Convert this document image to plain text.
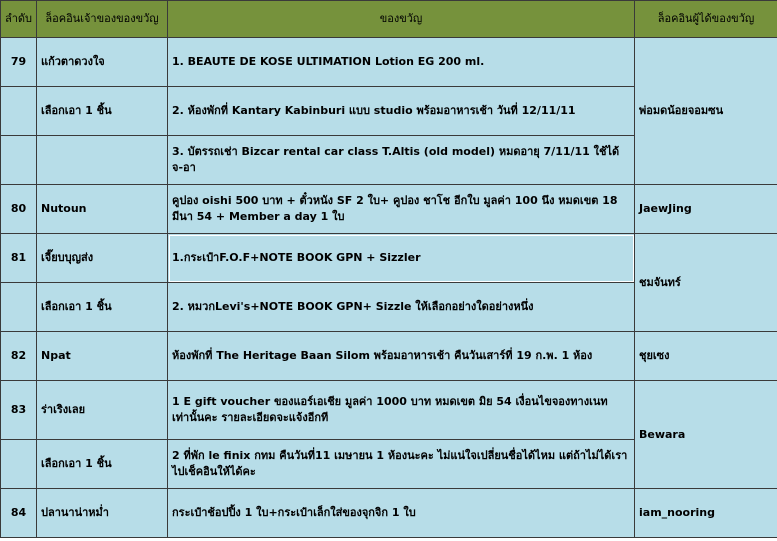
ลำดับ	ล็อคอินเจ้าของของขวัญ	ของขวัญ	ล็อคอินผู้ได้ของขวัญ
79	แก้วตาดวงใจ	1. BEAUTE DE KOSE ULTIMATION Lotion EG 200 ml.	พ่อมดน้อยจอมซน
	เลือกเอา 1 ชิ้น	2. ห้องพักที่ Kantary Kabinburi แบบ studio พร้อมอาหารเช้า วันที่ 12/11/11	
		3. บัตรรถเช่า Bizcar rental car class T.Altis (old model) หมดอายุ 7/11/11 ใช้ได้ จ-อา	
80	Nutoun	คูปอง oishi 500 บาท + ตั๋วหนัง SF 2 ใบ+ คูปอง ชาโช อีกใบ มูลค่า 100 นึง หมดเขต 18 มีนา 54 + Member a day 1 ใบ	JaewJing
81	เจี๊ยบบุญส่ง	1.กระเป๋าF.O.F+NOTE BOOK GPN + Sizzler	ชมจันทร์
	เลือกเอา 1 ชิ้น	2. หมวกLevi's+NOTE BOOK GPN+ Sizzle ให้เลือกอย่างใดอย่างหนึ่ง	
82	Npat	ห้องพักที่ The Heritage Baan Silom พร้อมอาหารเช้า คืนวันเสาร์ที่ 19 ก.พ. 1 ห้อง	ชุยเซง
83	ร่าเริงเลย	1 E gift voucher ของแอร์เอเชีย มูลค่า 1000 บาท หมดเขต มิย 54 เงื่อนไขจองทางเนทเท่านั้นคะ รายละเอียดจะแจ้งอีกที	Bewara
	เลือกเอา 1 ชิ้น	2 ที่พัก le finix กทม คืนวันที่11 เมษายน 1 ห้องนะคะ ไม่แน่ใจเปลี่ยนชื่อได้ไหม แต่ถ้าไม่ได้เราไปเช็คอินให้ได้คะ	
84	ปลานาน่าหม่ำ	กระเป๋าช้อปปิ้ง 1 ใบ+กระเป๋าเล็กใส่ของจุกจิก 1 ใบ	iam_nooring
